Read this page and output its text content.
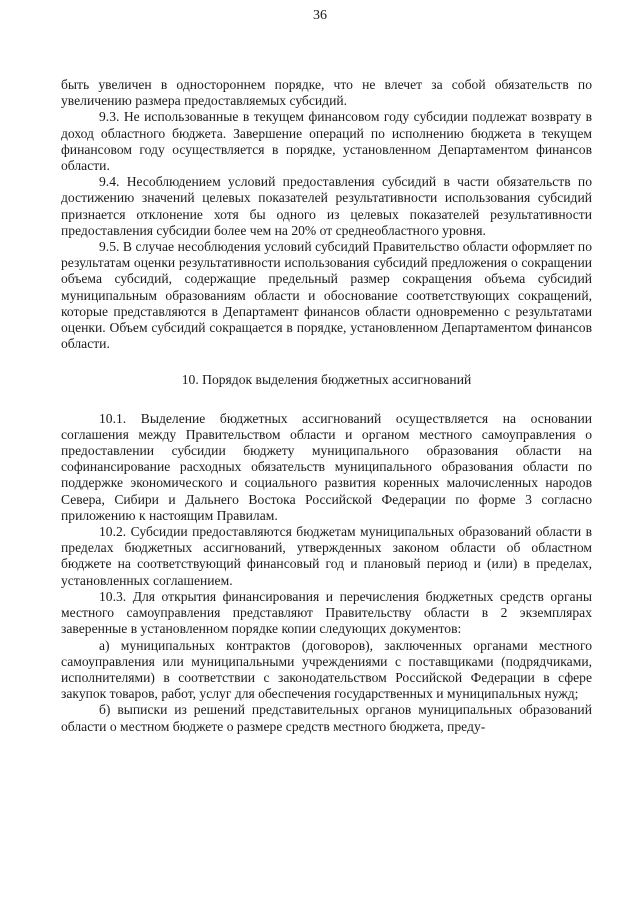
36

быть увеличен в одностороннем порядке, что не влечет за собой обязательств по увеличению размера предоставляемых субсидий.

9.3. Не использованные в текущем финансовом году субсидии подлежат возврату в доход областного бюджета. Завершение операций по исполнению бюджета в текущем финансовом году осуществляется в порядке, установленном Департаментом финансов области.

9.4. Несоблюдением условий предоставления субсидий в части обязательств по достижению значений целевых показателей результативности использования субсидий признается отклонение хотя бы одного из целевых показателей результативности предоставления субсидии более чем на 20% от среднеобластного уровня.

9.5. В случае несоблюдения условий субсидий Правительство области оформляет по результатам оценки результативности использования субсидий предложения о сокращении объема субсидий, содержащие предельный размер сокращения объема субсидий муниципальным образованиям области и обоснование соответствующих сокращений, которые представляются в Департамент финансов области одновременно с результатами оценки. Объем субсидий сокращается в порядке, установленном Департаментом финансов области.

10. Порядок выделения бюджетных ассигнований

10.1. Выделение бюджетных ассигнований осуществляется на основании соглашения между Правительством области и органом местного самоуправления о предоставлении субсидии бюджету муниципального образования области на софинансирование расходных обязательств муниципального образования области по поддержке экономического и социального развития коренных малочисленных народов Севера, Сибири и Дальнего Востока Российской Федерации по форме 3 согласно приложению к настоящим Правилам.

10.2. Субсидии предоставляются бюджетам муниципальных образований области в пределах бюджетных ассигнований, утвержденных законом области об областном бюджете на соответствующий финансовый год и плановый период и (или) в пределах, установленных соглашением.

10.3. Для открытия финансирования и перечисления бюджетных средств органы местного самоуправления представляют Правительству области в 2 экземплярах заверенные в установленном порядке копии следующих документов:

а) муниципальных контрактов (договоров), заключенных органами местного самоуправления или муниципальными учреждениями с поставщиками (подрядчиками, исполнителями) в соответствии с законодательством Российской Федерации в сфере закупок товаров, работ, услуг для обеспечения государственных и муниципальных нужд;

б) выписки из решений представительных органов муниципальных образований области о местном бюджете о размере средств местного бюджета, преду-
